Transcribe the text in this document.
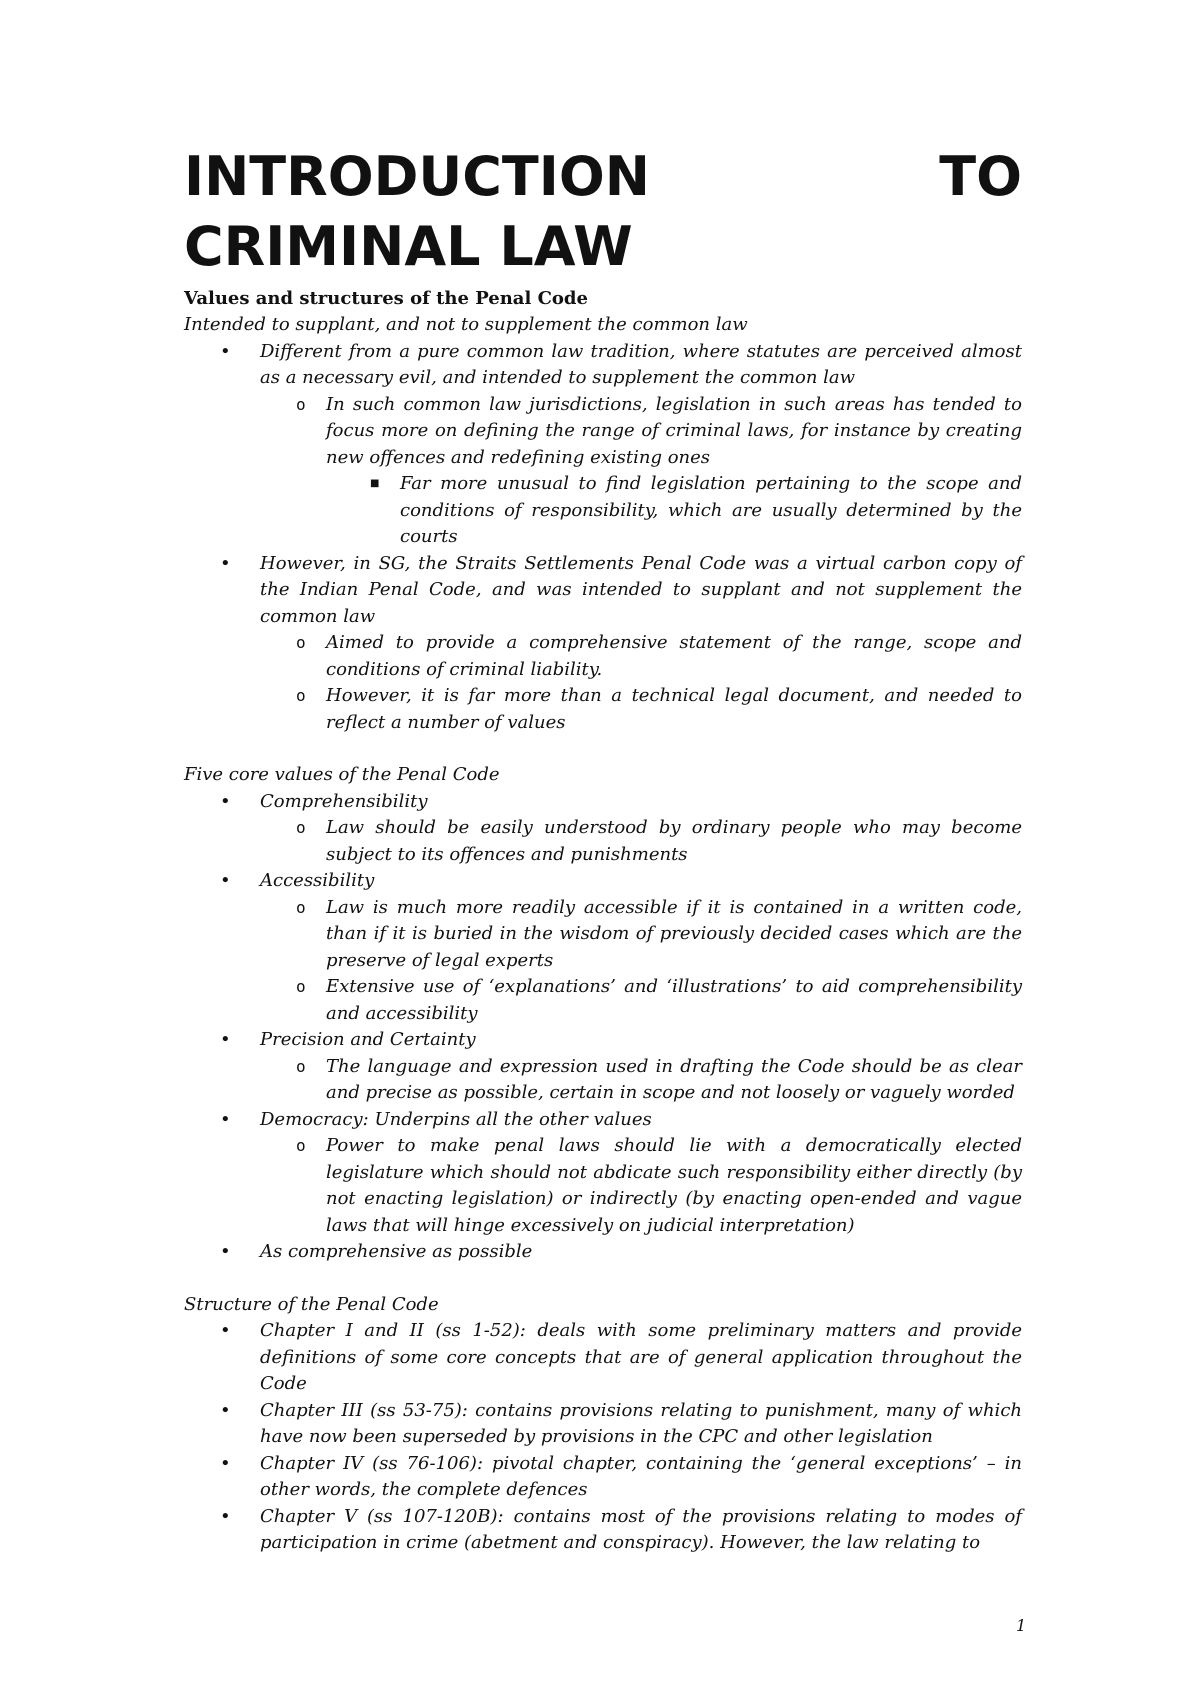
INTRODUCTION	TO
CRIMINAL LAW
Values and structures of the Penal Code
Intended to supplant, and not to supplement the common law
•	Different from a pure common law tradition, where statutes are perceived almost as a necessary evil, and intended to supplement the common law
o	In such common law jurisdictions, legislation in such areas has tended to focus more on defining the range of criminal laws, for instance by creating new offences and redefining existing ones
■	Far more unusual to find legislation pertaining to the scope and conditions of responsibility, which are usually determined by the courts
•	However, in SG, the Straits Settlements Penal Code was a virtual carbon copy of the Indian Penal Code, and was intended to supplant and not supplement the common law
o	Aimed to provide a comprehensive statement of the range, scope and conditions of criminal liability.
o	However, it is far more than a technical legal document, and needed to reflect a number of values
Five core values of the Penal Code
•	Comprehensibility
o	Law should be easily understood by ordinary people who may become subject to its offences and punishments
•	Accessibility
o	Law is much more readily accessible if it is contained in a written code, than if it is buried in the wisdom of previously decided cases which are the preserve of legal experts
o	Extensive use of ‘explanations’ and ‘illustrations’ to aid comprehensibility and accessibility
•	Precision and Certainty
o	The language and expression used in drafting the Code should be as clear and precise as possible, certain in scope and not loosely or vaguely worded
•	Democracy: Underpins all the other values
o	Power to make penal laws should lie with a democratically elected legislature which should not abdicate such responsibility either directly (by not enacting legislation) or indirectly (by enacting open-ended and vague laws that will hinge excessively on judicial interpretation)
•	As comprehensive as possible
Structure of the Penal Code
•	Chapter I and II (ss 1-52): deals with some preliminary matters and provide definitions of some core concepts that are of general application throughout the Code
•	Chapter III (ss 53-75): contains provisions relating to punishment, many of which have now been superseded by provisions in the CPC and other legislation
•	Chapter IV (ss 76-106): pivotal chapter, containing the ‘general exceptions’ – in other words, the complete defences
•	Chapter V (ss 107-120B): contains most of the provisions relating to modes of participation in crime (abetment and conspiracy). However, the law relating to
1
